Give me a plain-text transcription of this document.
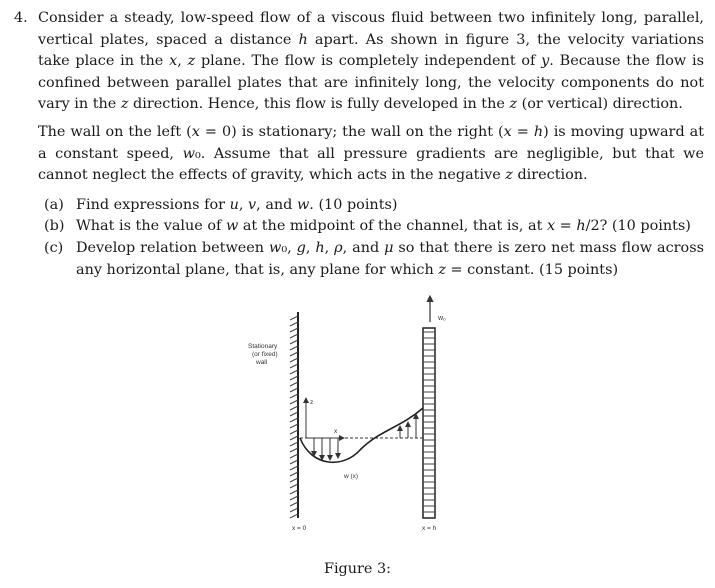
4. Consider a steady, low-speed flow of a viscous fluid between two infinitely long, parallel, vertical plates, spaced a distance h apart. As shown in figure 3, the velocity variations take place in the x, z plane. The flow is completely independent of y. Because the flow is confined between parallel plates that are infinitely long, the velocity components do not vary in the z direction. Hence, this flow is fully developed in the z (or vertical) direction.

The wall on the left (x = 0) is stationary; the wall on the right (x = h) is moving upward at a constant speed, w₀. Assume that all pressure gradients are negligible, but that we cannot neglect the effects of gravity, which acts in the negative z direction.

(a) Find expressions for u, v, and w. (10 points)
(b) What is the value of w at the midpoint of the channel, that is, at x = h/2? (10 points)
(c) Develop relation between w₀, g, h, ρ, and μ so that there is zero net mass flow across any horizontal plane, that is, any plane for which z = constant. (15 points)
w₀
Stationary
(or fixed)
wall
z
x
w (x)
x = 0	x = h
Figure 3:
